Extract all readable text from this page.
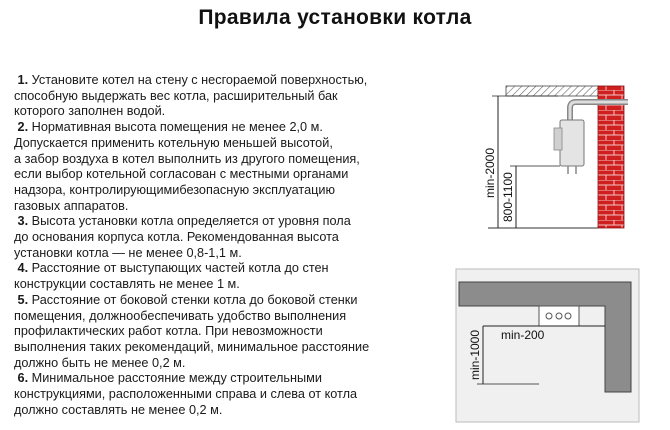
Правила установки котла

1. Установите котел на стену с несгораемой поверхностью,

способную выдержать вес котла, расширительный бак

которого заполнен водой.

2. Нормативная высота помещения не менее 2,0 м.

Допускается применить котельную меньшей высотой,

а забор воздуха в котел выполнить из другого помещения,

если выбор котельной согласован с местными органами

надзора, контролирующимибезопасную эксплуатацию

газовых аппаратов.

3. Высота установки котла определяется от уровня пола

до основания корпуса котла. Рекомендованная высота

установки котла — не менее 0,8-1,1 м.

4. Расстояние от выступающих частей котла до стен

конструкции составлять не менее 1 м.

5. Расстояние от боковой стенки котла до боковой стенки

помещения, должнообеспечивать удобство выполнения

профилактических работ котла. При невозможности

выполнения таких рекомендаций, минимальное расстояние

должно быть не менее 0,2 м.

6. Минимальное расстояние между строительными

конструкциями, расположенными справа и слева от котла

должно составлять не менее 0,2 м.

min-2000 800-1100
min-200
min-1000
